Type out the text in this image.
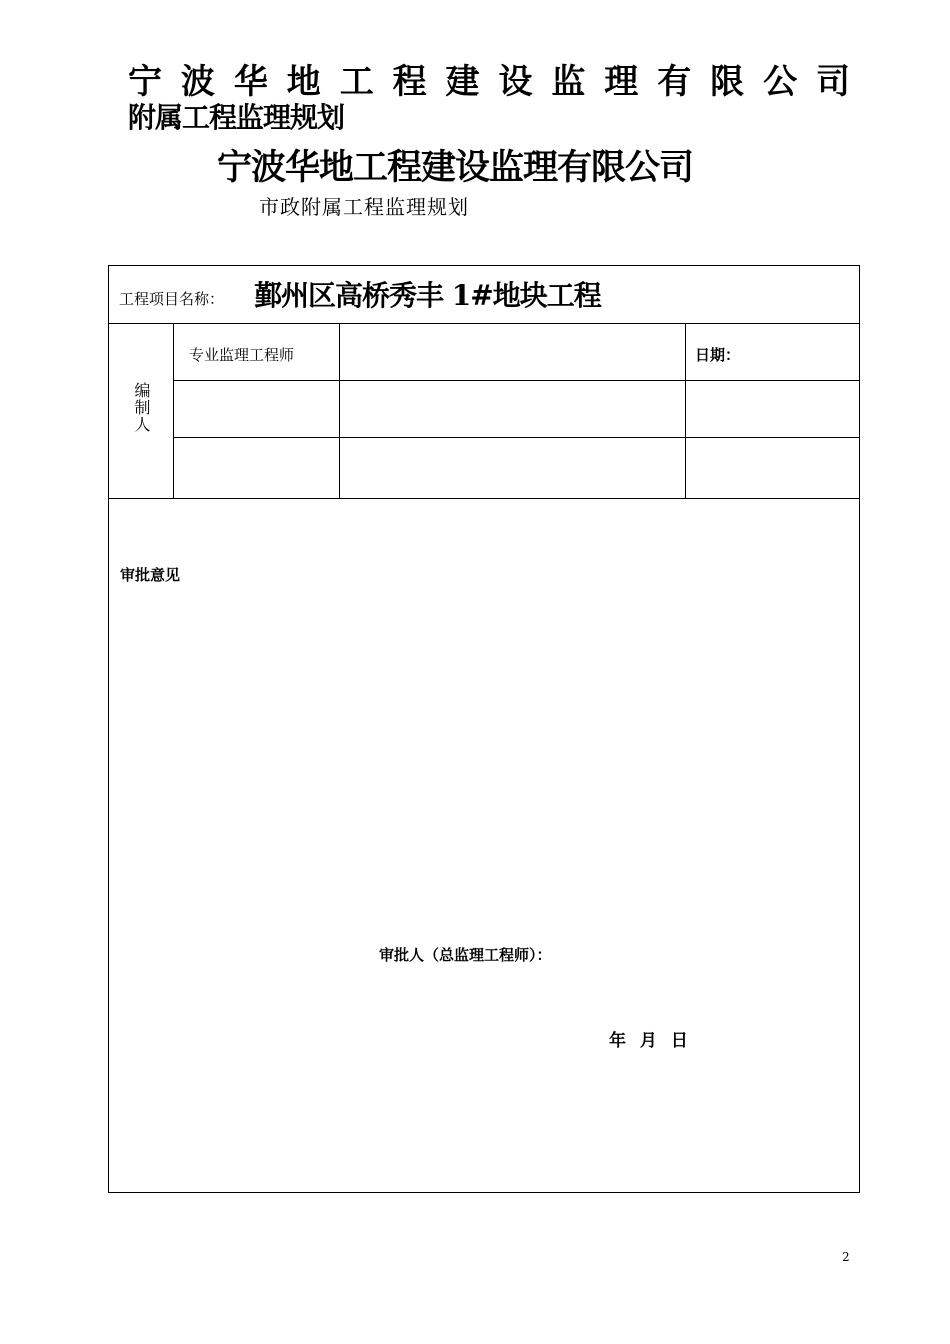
宁 波 华 地 工 程 建 设 监 理 有 限 公 司
附属工程监理规划
宁波华地工程建设监理有限公司
市政附属工程监理规划
工程项目名称： 鄞州区高桥秀丰 1#地块工程
编制人
专业监理工程师	日期：
审批意见
审批人（总监理工程师）：
年 月 日
2
